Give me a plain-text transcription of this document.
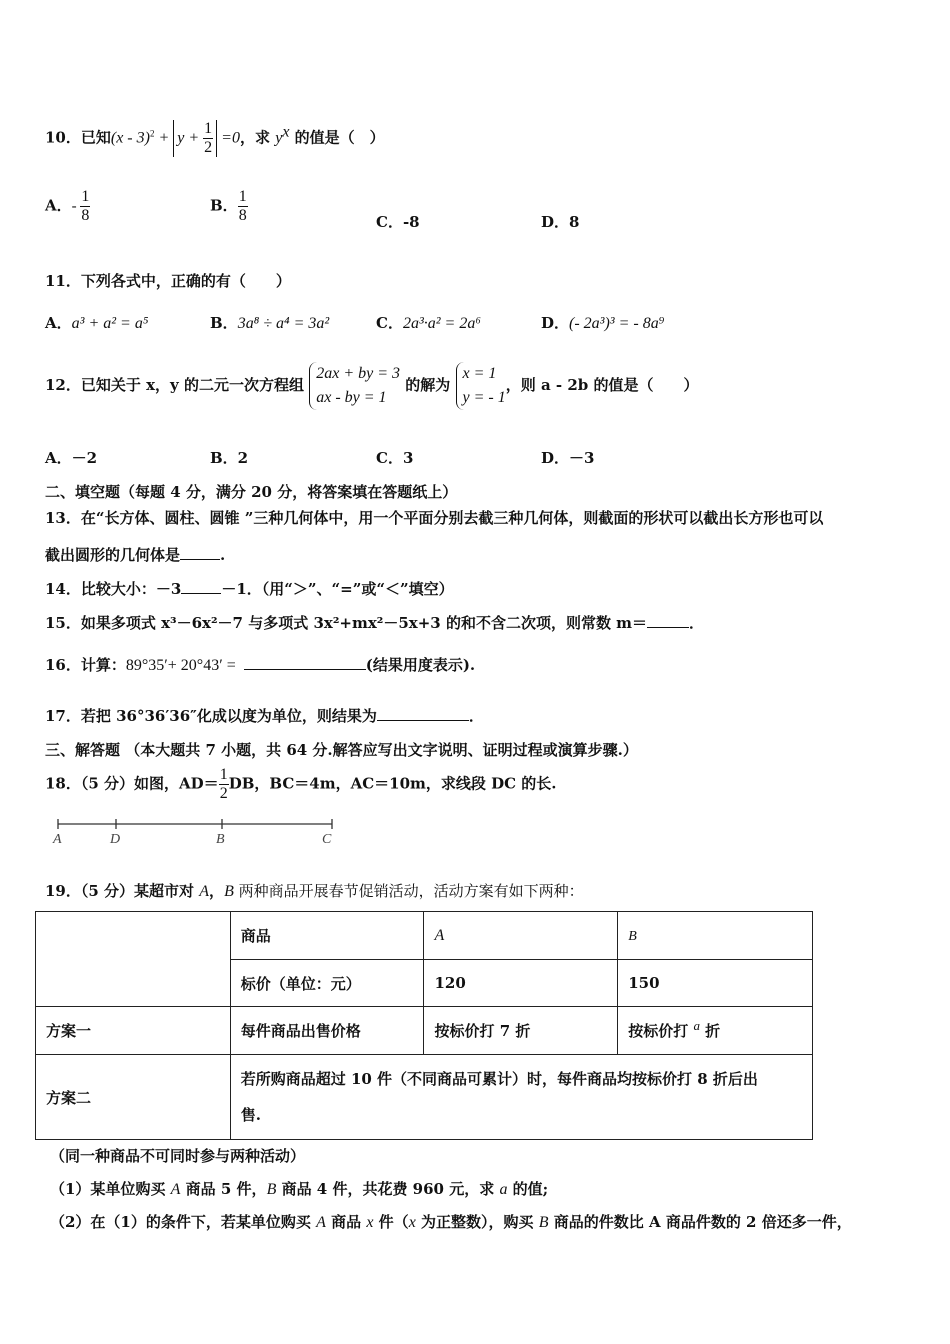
10．已知$(x - 3)^2 + y + \frac{1}{2} =0$，求 $y^x$ 的值是（　）
A．- $\frac{1}{8}$	B． $\frac{1}{8}$	C．-8	D．8
11．下列各式中，正确的有（　　）
A．a³ + a² = a⁵	B．3a⁸ ÷ a⁴ = 3a²	C．2a³·a² = 2a⁶	D．(- 2a³)³ = - 8a⁹
12．已知关于 x，y 的二元一次方程组
2ax + by = 3
ax - by = 1
的解为
x = 1
y = - 1
，则 a - 2b 的值是（　　）
A．－2	B．2	C．3	D．－3
二、填空题（每题 4 分，满分 20 分，将答案填在答题纸上）
13．在“长方体、圆柱、圆锥 ”三种几何体中，用一个平面分别去截三种几何体，则截面的形状可以截出长方形也可以
截出圆形的几何体是	.
14．比较大小：－3	－1．（用“＞”、“=”或“＜”填空）
15．如果多项式 x³－6x²－7 与多项式 3x²+mx²－5x+3 的和不含二次项，则常数 m＝	．
16．计算：89°35′+ 20°43′ =	(结果用度表示).
17．若把 36°36′36″化成以度为单位，则结果为	．
三、解答题 （本大题共 7 小题，共 64 分.解答应写出文字说明、证明过程或演算步骤.）
18．（5 分）如图，$AD= \frac{1}{2}$ DB，BC＝4m，AC＝10m，求线段 DC 的长.
A	D	B	C
19．（5 分）某超市对 A，B 两种商品开展春节促销活动，活动方案有如下两种：
	商品	A	B
	标价（单位：元）	120	150
方案一	每件商品出售价格	按标价打 7 折	按标价打 $^a$ 折
方案二	若所购商品超过 10 件（不同商品可累计）时，每件商品均按标价打 8 折后出
售.		
（同一种商品不可同时参与两种活动）
（1）某单位购买 A 商品 5 件，B 商品 4 件，共花费 960 元，求 a 的值;
（2）在（1）的条件下，若某单位购买 A 商品 x 件（x 为正整数），购买 B 商品的件数比 A 商品件数的 2 倍还多一件，
